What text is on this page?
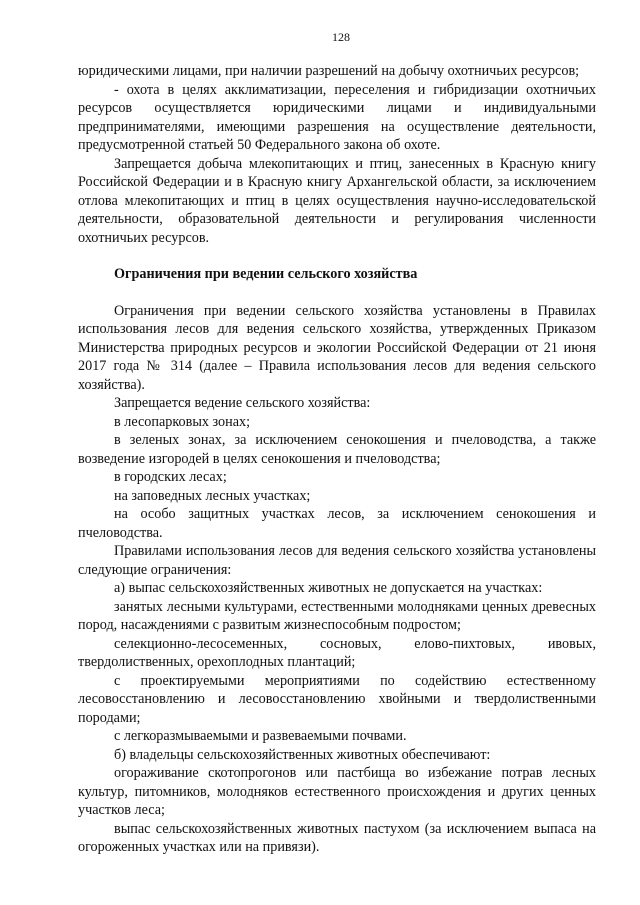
128

юридическими лицами, при наличии разрешений на добычу охотничьих ресурсов;

- охота в целях акклиматизации, переселения и гибридизации охотничьих ресурсов осуществляется юридическими лицами и индивидуальными предпринимателями, имеющими разрешения на осуществление деятельности, предусмотренной статьей 50 Федерального закона об охоте.

Запрещается добыча млекопитающих и птиц, занесенных в Красную книгу Российской Федерации и в Красную книгу Архангельской области, за исключением отлова млекопитающих и птиц в целях осуществления научно-исследовательской деятельности, образовательной деятельности и регулирования численности охотничьих ресурсов.

Ограничения при ведении сельского хозяйства

Ограничения при ведении сельского хозяйства установлены в Правилах использования лесов для ведения сельского хозяйства, утвержденных Приказом Министерства природных ресурсов и экологии Российской Федерации от 21 июня 2017 года № 314 (далее – Правила использования лесов для ведения сельского хозяйства).

Запрещается ведение сельского хозяйства:

в лесопарковых зонах;

в зеленых зонах, за исключением сенокошения и пчеловодства, а также возведение изгородей в целях сенокошения и пчеловодства;

в городских лесах;

на заповедных лесных участках;

на особо защитных участках лесов, за исключением сенокошения и пчеловодства.

Правилами использования лесов для ведения сельского хозяйства установлены следующие ограничения:

а) выпас сельскохозяйственных животных не допускается на участках:

занятых лесными культурами, естественными молодняками ценных древесных пород, насаждениями с развитым жизнеспособным подростом;

селекционно-лесосеменных, сосновых, елово-пихтовых, ивовых, твердолиственных, орехоплодных плантаций;

с проектируемыми мероприятиями по содействию естественному лесовосстановлению и лесовосстановлению хвойными и твердолиственными породами;

с легкоразмываемыми и развеваемыми почвами.

б) владельцы сельскохозяйственных животных обеспечивают:

огораживание скотопрогонов или пастбища во избежание потрав лесных культур, питомников, молодняков естественного происхождения и других ценных участков леса;

выпас сельскохозяйственных животных пастухом (за исключением выпаса на огороженных участках или на привязи).
